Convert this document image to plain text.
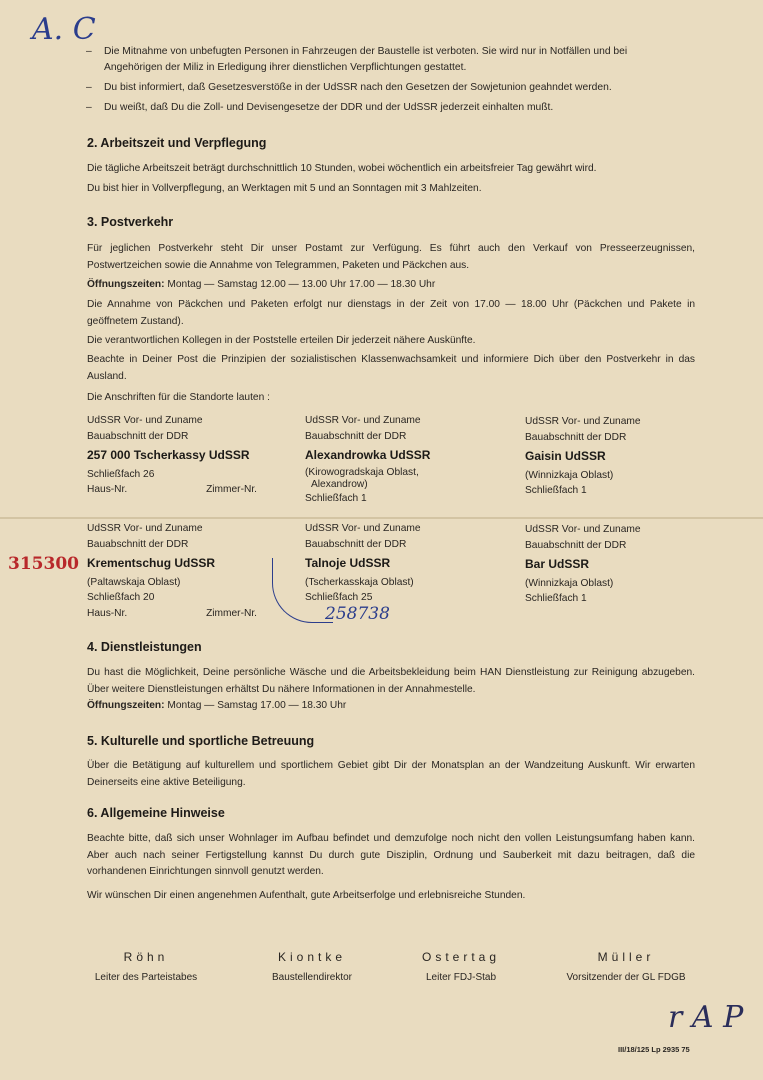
A. C
–	Die Mitnahme von unbefugten Personen in Fahrzeugen der Baustelle ist verboten. Sie wird nur in Notfällen und bei Angehörigen der Miliz in Erledigung ihrer dienstlichen Verpflichtungen gestattet.
–	Du bist informiert, daß Gesetzesverstöße in der UdSSR nach den Gesetzen der Sowjetunion geahndet werden.
–	Du weißt, daß Du die Zoll- und Devisengesetze der DDR und der UdSSR jederzeit einhalten mußt.
2. Arbeitszeit und Verpflegung
Die tägliche Arbeitszeit beträgt durchschnittlich 10 Stunden, wobei wöchentlich ein arbeitsfreier Tag gewährt wird.
Du bist hier in Vollverpflegung, an Werktagen mit 5 und an Sonntagen mit 3 Mahlzeiten.
3. Postverkehr
Für jeglichen Postverkehr steht Dir unser Postamt zur Verfügung. Es führt auch den Verkauf von Presseerzeugnissen, Postwertzeichen sowie die Annahme von Telegrammen, Paketen und Päckchen aus.
Öffnungszeiten: Montag — Samstag 12.00 — 13.00 Uhr 17.00 — 18.30 Uhr
Die Annahme von Päckchen und Paketen erfolgt nur dienstags in der Zeit von 17.00 — 18.00 Uhr (Päckchen und Pakete in geöffnetem Zustand).
Die verantwortlichen Kollegen in der Poststelle erteilen Dir jederzeit nähere Auskünfte.
Beachte in Deiner Post die Prinzipien der sozialistischen Klassenwachsamkeit und informiere Dich über den Postverkehr in das Ausland.
Die Anschriften für die Standorte lauten :
UdSSR Vor- und Zuname
Bauabschnitt der DDR
257 000 Tscherkassy UdSSR
Schließfach 26
Haus-Nr.	Zimmer-Nr.
UdSSR Vor- und Zuname
Bauabschnitt der DDR
Alexandrowka UdSSR
(Kirowogradskaja Oblast,
Alexandrow)
Schließfach 1
UdSSR Vor- und Zuname
Bauabschnitt der DDR
Gaisin UdSSR
(Winnizkaja Oblast)
Schließfach 1
UdSSR Vor- und Zuname
Bauabschnitt der DDR
Krementschug UdSSR
(Paltawskaja Oblast)
Schließfach 20
Haus-Nr.	Zimmer-Nr.
UdSSR Vor- und Zuname
Bauabschnitt der DDR
Talnoje UdSSR
(Tscherkasskaja Oblast)
Schließfach 25
UdSSR Vor- und Zuname
Bauabschnitt der DDR
Bar UdSSR
(Winnizkaja Oblast)
Schließfach 1
315300
258738
4. Dienstleistungen
Du hast die Möglichkeit, Deine persönliche Wäsche und die Arbeitsbekleidung beim HAN Dienstleistung zur Reinigung abzugeben. Über weitere Dienstleistungen erhältst Du nähere Informationen in der Annahmestelle.
Öffnungszeiten: Montag — Samstag 17.00 — 18.30 Uhr
5. Kulturelle und sportliche Betreuung
Über die Betätigung auf kulturellem und sportlichem Gebiet gibt Dir der Monatsplan an der Wandzeitung Auskunft. Wir erwarten Deinerseits eine aktive Beteiligung.
6. Allgemeine Hinweise
Beachte bitte, daß sich unser Wohnlager im Aufbau befindet und demzufolge noch nicht den vollen Leistungsumfang haben kann. Aber auch nach seiner Fertigstellung kannst Du durch gute Disziplin, Ordnung und Sauberkeit mit dazu beitragen, daß die vorhandenen Einrichtungen sinnvoll genutzt werden.
Wir wünschen Dir einen angenehmen Aufenthalt, gute Arbeitserfolge und erlebnisreiche Stunden.
Röhn
Leiter des Parteistabes
Kiontke
Baustellendirektor
Ostertag
Leiter FDJ-Stab
Müller
Vorsitzender der GL FDGB
r A P
III/18/125 Lp 2935 75
